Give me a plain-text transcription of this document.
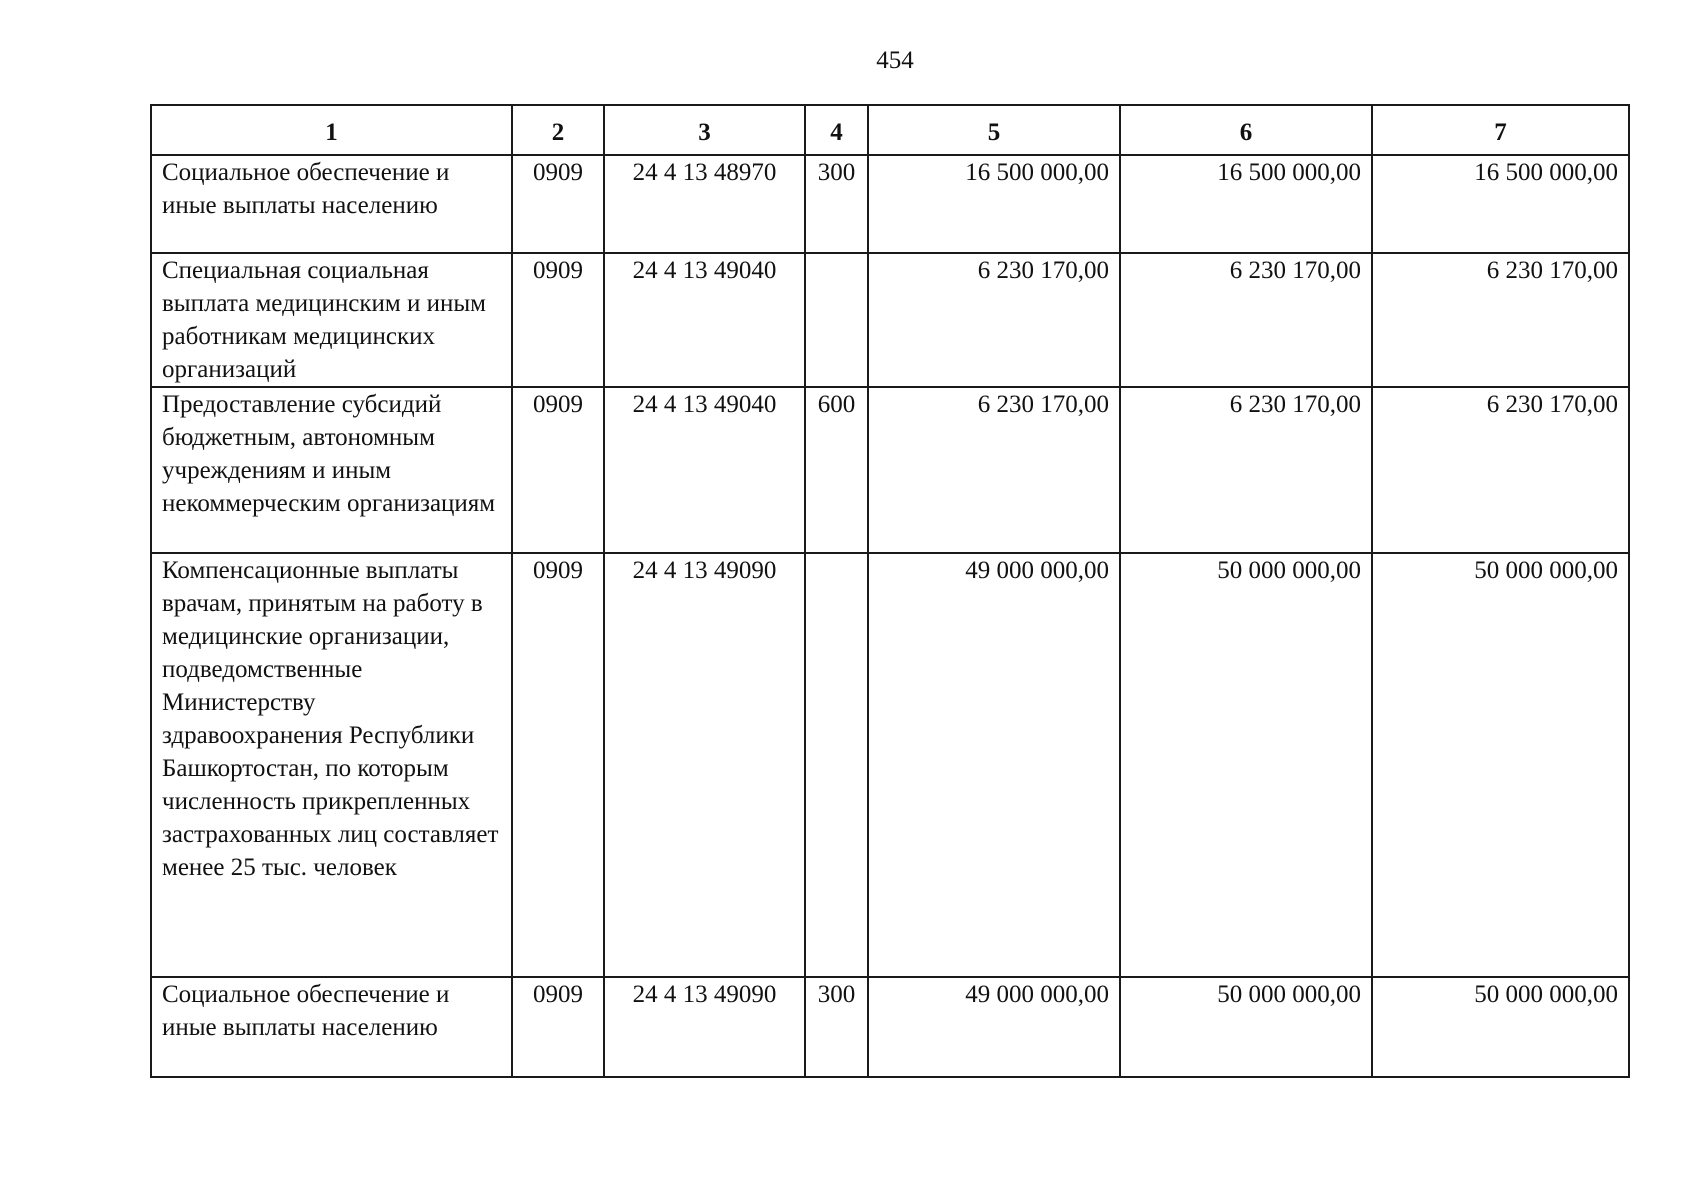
454
1	2	3	4	5	6	7
Социальное обеспечение и иные выплаты населению	0909	24 4 13 48970	300	16 500 000,00	16 500 000,00	16 500 000,00
Специальная социальная выплата медицинским и иным работникам медицинских организаций	0909	24 4 13 49040		6 230 170,00	6 230 170,00	6 230 170,00
Предоставление субсидий бюджетным, автономным учреждениям и иным некоммерческим организациям	0909	24 4 13 49040	600	6 230 170,00	6 230 170,00	6 230 170,00
Компенсационные выплаты врачам, принятым на работу в медицинские организации, подведомственные Министерству здравоохранения Республики Башкортостан, по которым численность прикрепленных застрахованных лиц составляет менее 25 тыс. человек	0909	24 4 13 49090		49 000 000,00	50 000 000,00	50 000 000,00
Социальное обеспечение и иные выплаты населению	0909	24 4 13 49090	300	49 000 000,00	50 000 000,00	50 000 000,00
